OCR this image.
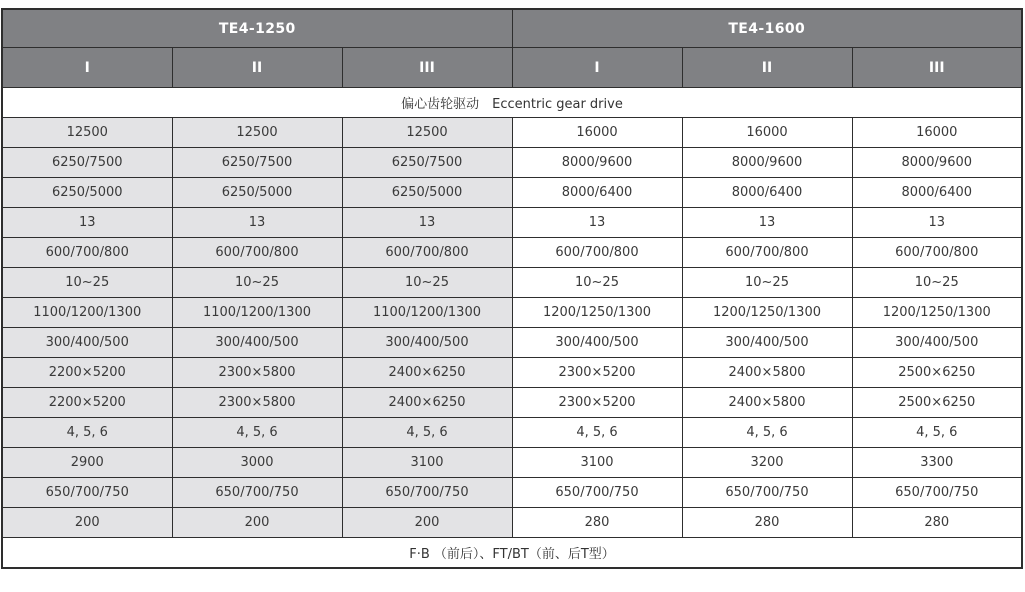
TE4-1250			TE4-1600		
I	II	III	I	II	III
偏心齿轮驱动　Eccentric gear drive					
12500	12500	12500	16000	16000	16000
6250/7500	6250/7500	6250/7500	8000/9600	8000/9600	8000/9600
6250/5000	6250/5000	6250/5000	8000/6400	8000/6400	8000/6400
13	13	13	13	13	13
600/700/800	600/700/800	600/700/800	600/700/800	600/700/800	600/700/800
10~25	10~25	10~25	10~25	10~25	10~25
1100/1200/1300	1100/1200/1300	1100/1200/1300	1200/1250/1300	1200/1250/1300	1200/1250/1300
300/400/500	300/400/500	300/400/500	300/400/500	300/400/500	300/400/500
2200×5200	2300×5800	2400×6250	2300×5200	2400×5800	2500×6250
2200×5200	2300×5800	2400×6250	2300×5200	2400×5800	2500×6250
4, 5, 6	4, 5, 6	4, 5, 6	4, 5, 6	4, 5, 6	4, 5, 6
2900	3000	3100	3100	3200	3300
650/700/750	650/700/750	650/700/750	650/700/750	650/700/750	650/700/750
200	200	200	280	280	280
F·B （前后）、FT/BT（前、后T型）					
